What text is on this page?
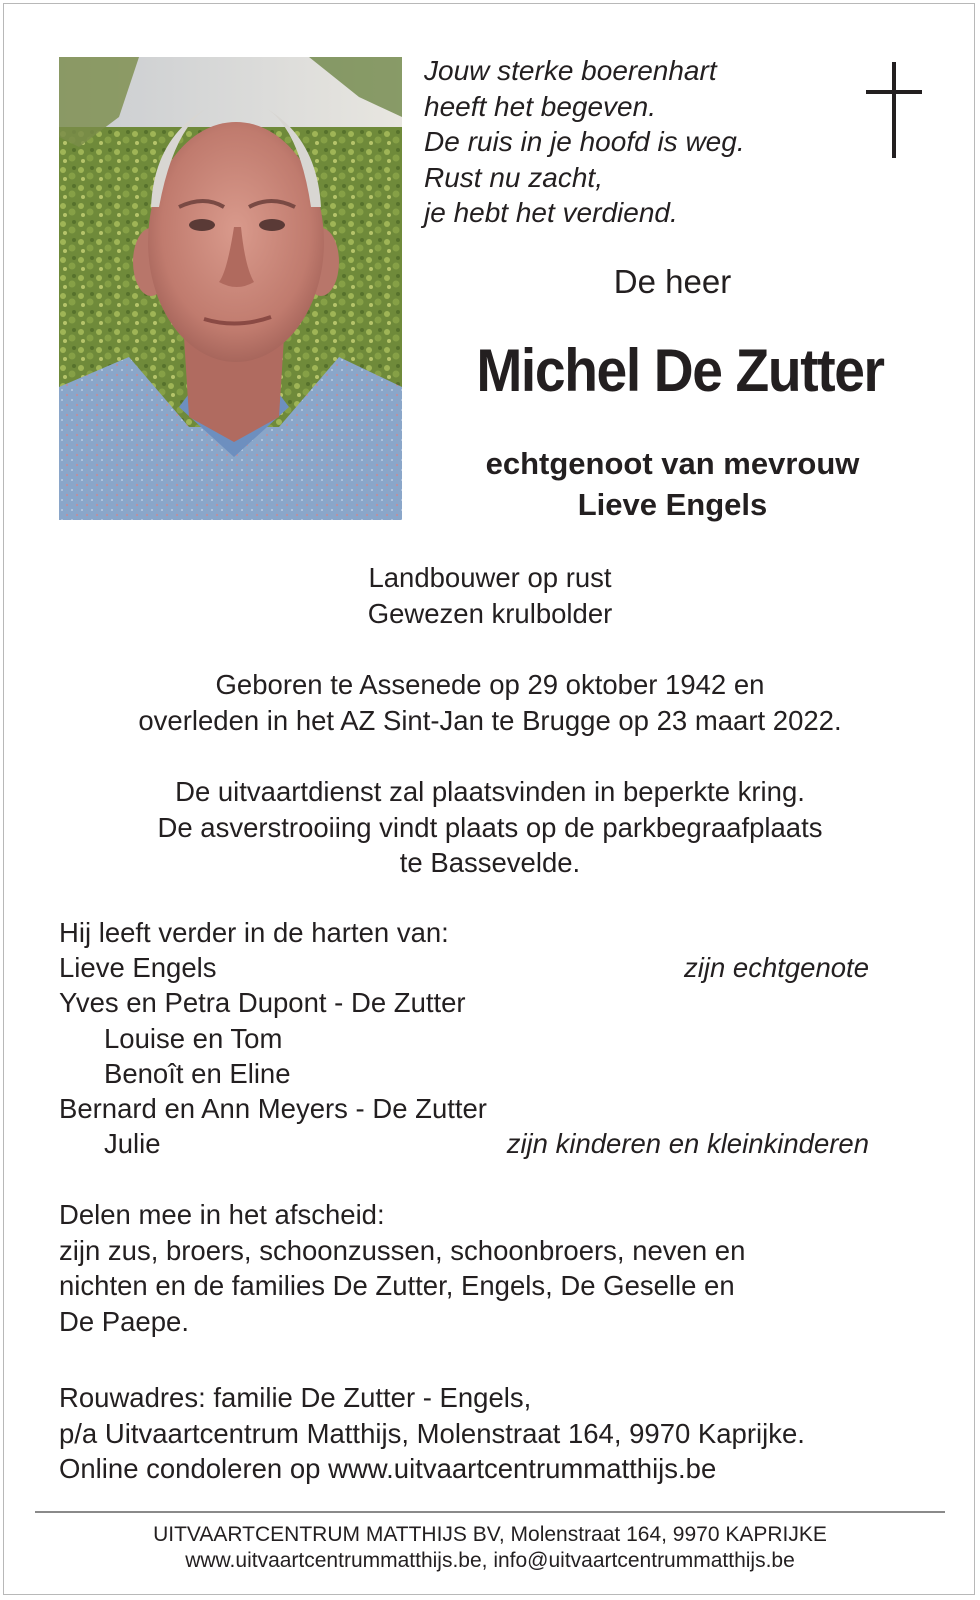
Jouw sterke boerenhart
heeft het begeven.
De ruis in je hoofd is weg.
Rust nu zacht,
je hebt het verdiend.
De heer
Michel De Zutter
echtgenoot van mevrouw
Lieve Engels
Landbouwer op rust
Gewezen krulbolder
Geboren te Assenede op 29 oktober 1942 en
overleden in het AZ Sint-Jan te Brugge op 23 maart 2022.
De uitvaartdienst zal plaatsvinden in beperkte kring.
De asverstrooiing vindt plaats op de parkbegraafplaats
te Bassevelde.
Hij leeft verder in de harten van:
Lieve Engels	zijn echtgenote
Yves en Petra Dupont - De Zutter
Louise en Tom
Benoît en Eline
Bernard en Ann Meyers - De Zutter
Julie	zijn kinderen en kleinkinderen
Delen mee in het afscheid:
zijn zus, broers, schoonzussen, schoonbroers, neven en
nichten en de families De Zutter, Engels, De Geselle en
De Paepe.
Rouwadres: familie De Zutter - Engels,
p/a Uitvaartcentrum Matthijs, Molenstraat 164, 9970 Kaprijke.
Online condoleren op www.uitvaartcentrummatthijs.be
UITVAARTCENTRUM MATTHIJS BV, Molenstraat 164, 9970 KAPRIJKE
www.uitvaartcentrummatthijs.be, info@uitvaartcentrummatthijs.be
